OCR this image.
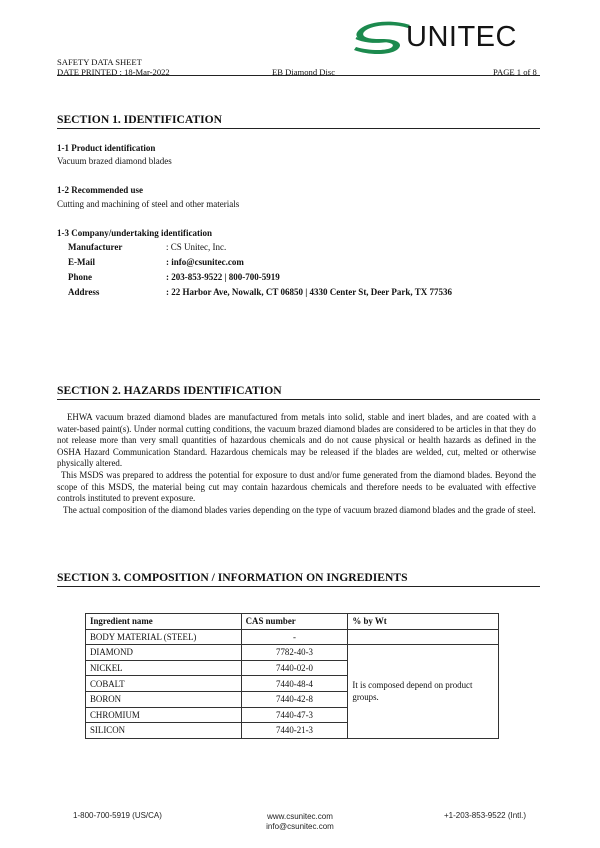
UNITEC
SAFETY DATA SHEET
DATE PRINTED : 18-Mar-2022	EB Diamond Disc	PAGE 1 of 8
SECTION 1. IDENTIFICATION
1-1 Product identification
Vacuum brazed diamond blades
1-2 Recommended use
Cutting and machining of steel and other materials
1-3 Company/undertaking identification
Manufacturer	: CS Unitec, Inc.
E-Mail	: info@csunitec.com
Phone	: 203-853-9522 | 800-700-5919
Address	: 22 Harbor Ave, Nowalk, CT 06850 | 4330 Center St, Deer Park, TX 77536
SECTION 2. HAZARDS IDENTIFICATION

EHWA vacuum brazed diamond blades are manufactured from metals into solid, stable and inert blades, and are coated with a water-based paint(s). Under normal cutting conditions, the vacuum brazed diamond blades are considered to be articles in that they do not release more than very small quantities of hazardous chemicals and do not cause physical or health hazards as defined in the OSHA Hazard Communication Standard. Hazardous chemicals may be released if the blades are welded, cut, melted or otherwise physically altered.

This MSDS was prepared to address the potential for exposure to dust and/or fume generated from the diamond blades. Beyond the scope of this MSDS, the material being cut may contain hazardous chemicals and therefore needs to be evaluated with effective controls instituted to prevent exposure.

The actual composition of the diamond blades varies depending on the type of vacuum brazed diamond blades and the grade of steel.

SECTION 3. COMPOSITION / INFORMATION ON INGREDIENTS
Ingredient name	CAS number	% by Wt
BODY MATERIAL (STEEL)	-	
DIAMOND	7782-40-3	It is composed depend on product groups.
NICKEL	7440-02-0	
COBALT	7440-48-4	
BORON	7440-42-8	
CHROMIUM	7440-47-3	
SILICON	7440-21-3	
1-800-700-5919 (US/CA)	www.csunitec.com
info@csunitec.com
+1-203-853-9522 (Intl.)
